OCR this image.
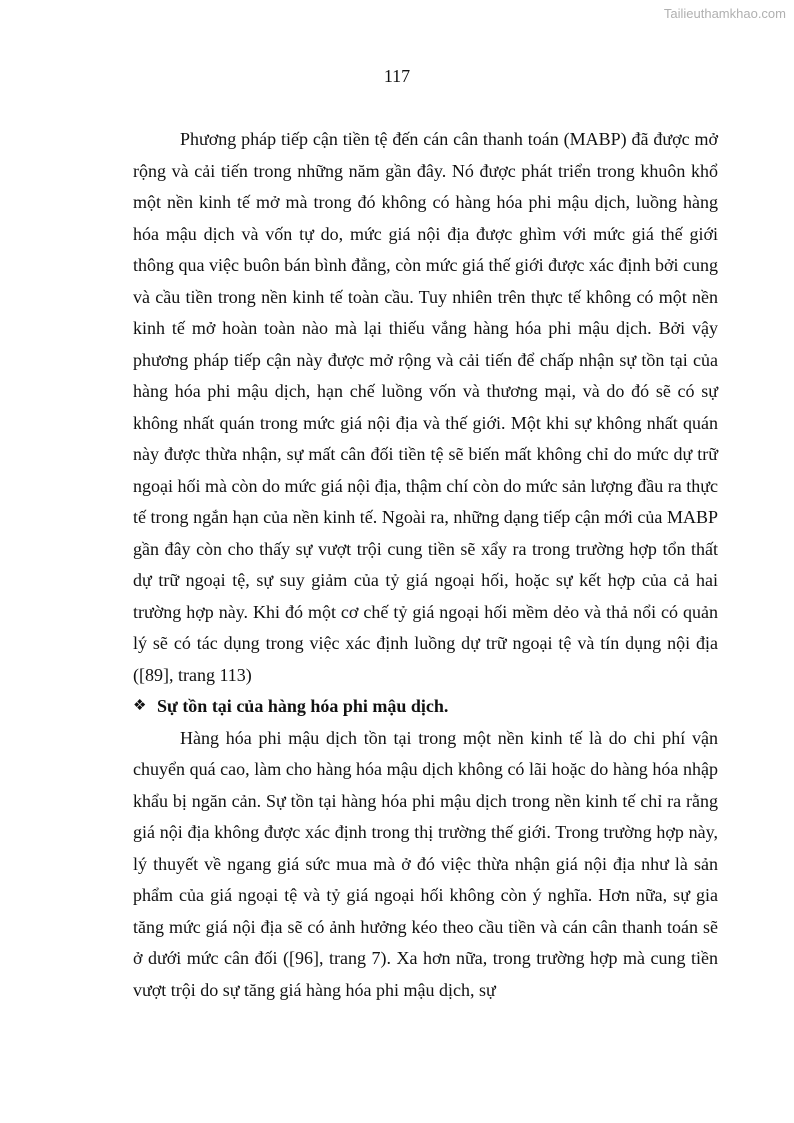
Tailieuthamkhao.com
117

Phương pháp tiếp cận tiền tệ đến cán cân thanh toán (MABP) đã được mở rộng và cải tiến trong những năm gần đây. Nó được phát triển trong khuôn khổ một nền kinh tế mở mà trong đó không có hàng hóa phi mậu dịch, luồng hàng hóa mậu dịch và vốn tự do, mức giá nội địa được ghìm với mức giá thế giới thông qua việc buôn bán bình đẳng, còn mức giá thế giới được xác định bởi cung và cầu tiền trong nền kinh tế toàn cầu. Tuy nhiên trên thực tế không có một nền kinh tế mở hoàn toàn nào mà lại thiếu vắng hàng hóa phi mậu dịch. Bởi vậy phương pháp tiếp cận này được mở rộng và cải tiến để chấp nhận sự tồn tại của hàng hóa phi mậu dịch, hạn chế luồng vốn và thương mại, và do đó sẽ có sự không nhất quán trong mức giá nội địa và thế giới. Một khi sự không nhất quán này được thừa nhận, sự mất cân đối tiền tệ sẽ biến mất không chỉ do mức dự trữ ngoại hối mà còn do mức giá nội địa, thậm chí còn do mức sản lượng đầu ra thực tế trong ngắn hạn của nền kinh tế. Ngoài ra, những dạng tiếp cận mới của MABP gần đây còn cho thấy sự vượt trội cung tiền sẽ xẩy ra trong trường hợp tổn thất dự trữ ngoại tệ, sự suy giảm của tỷ giá ngoại hối, hoặc sự kết hợp của cả hai trường hợp này. Khi đó một cơ chế tỷ giá ngoại hối mềm dẻo và thả nổi có quản lý sẽ có tác dụng trong việc xác định luồng dự trữ ngoại tệ và tín dụng nội địa ([89], trang 113)

❖ Sự tồn tại của hàng hóa phi mậu dịch.

Hàng hóa phi mậu dịch tồn tại trong một nền kinh tế là do chi phí vận chuyển quá cao, làm cho hàng hóa mậu dịch không có lãi hoặc do hàng hóa nhập khẩu bị ngăn cản. Sự tồn tại hàng hóa phi mậu dịch trong nền kinh tế chỉ ra rằng giá nội địa không được xác định trong thị trường thế giới. Trong trường hợp này, lý thuyết về ngang giá sức mua mà ở đó việc thừa nhận giá nội địa như là sản phẩm của giá ngoại tệ và tỷ giá ngoại hối không còn ý nghĩa. Hơn nữa, sự gia tăng mức giá nội địa sẽ có ảnh hưởng kéo theo cầu tiền và cán cân thanh toán sẽ ở dưới mức cân đối ([96], trang 7). Xa hơn nữa, trong trường hợp mà cung tiền vượt trội do sự tăng giá hàng hóa phi mậu dịch, sự
